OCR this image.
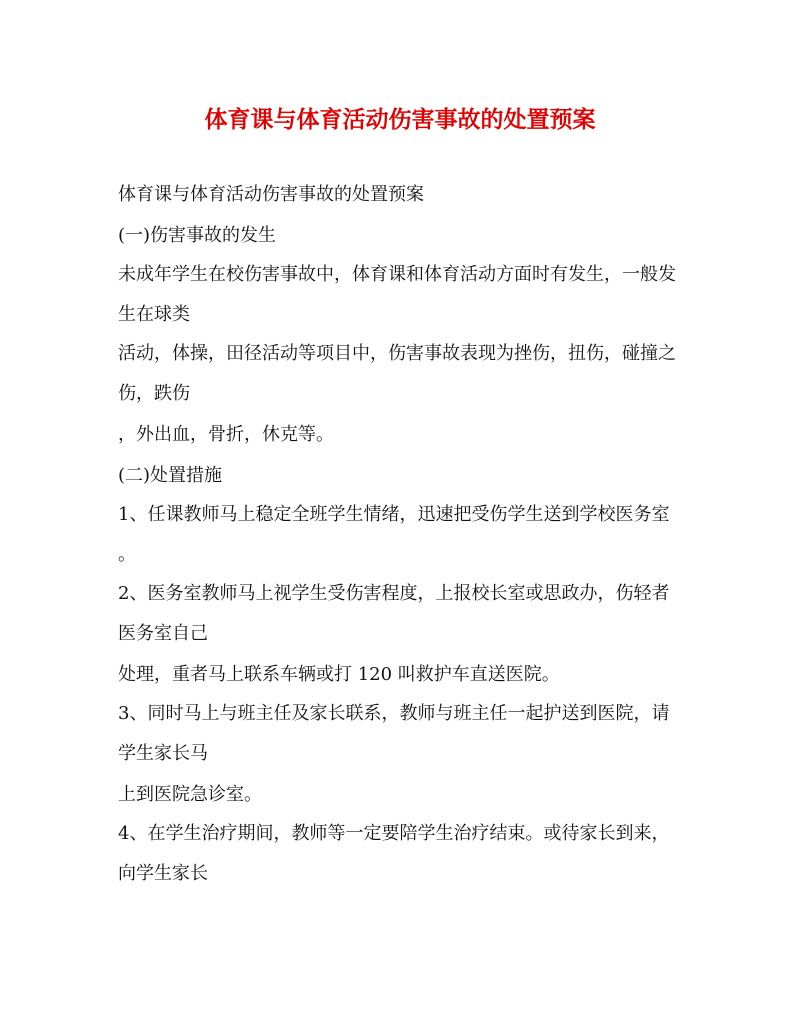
体育课与体育活动伤害事故的处置预案
体育课与体育活动伤害事故的处置预案
(一)伤害事故的发生
未成年学生在校伤害事故中，体育课和体育活动方面时有发生，一般发
生在球类
活动，体操，田径活动等项目中，伤害事故表现为挫伤，扭伤，碰撞之
伤，跌伤
，外出血，骨折，休克等。
(二)处置措施
1、任课教师马上稳定全班学生情绪，迅速把受伤学生送到学校医务室
。
2、医务室教师马上视学生受伤害程度，上报校长室或思政办，伤轻者
医务室自己
处理，重者马上联系车辆或打 120 叫救护车直送医院。
3、同时马上与班主任及家长联系，教师与班主任一起护送到医院，请
学生家长马
上到医院急诊室。
4、在学生治疗期间，教师等一定要陪学生治疗结束。或待家长到来，
向学生家长
